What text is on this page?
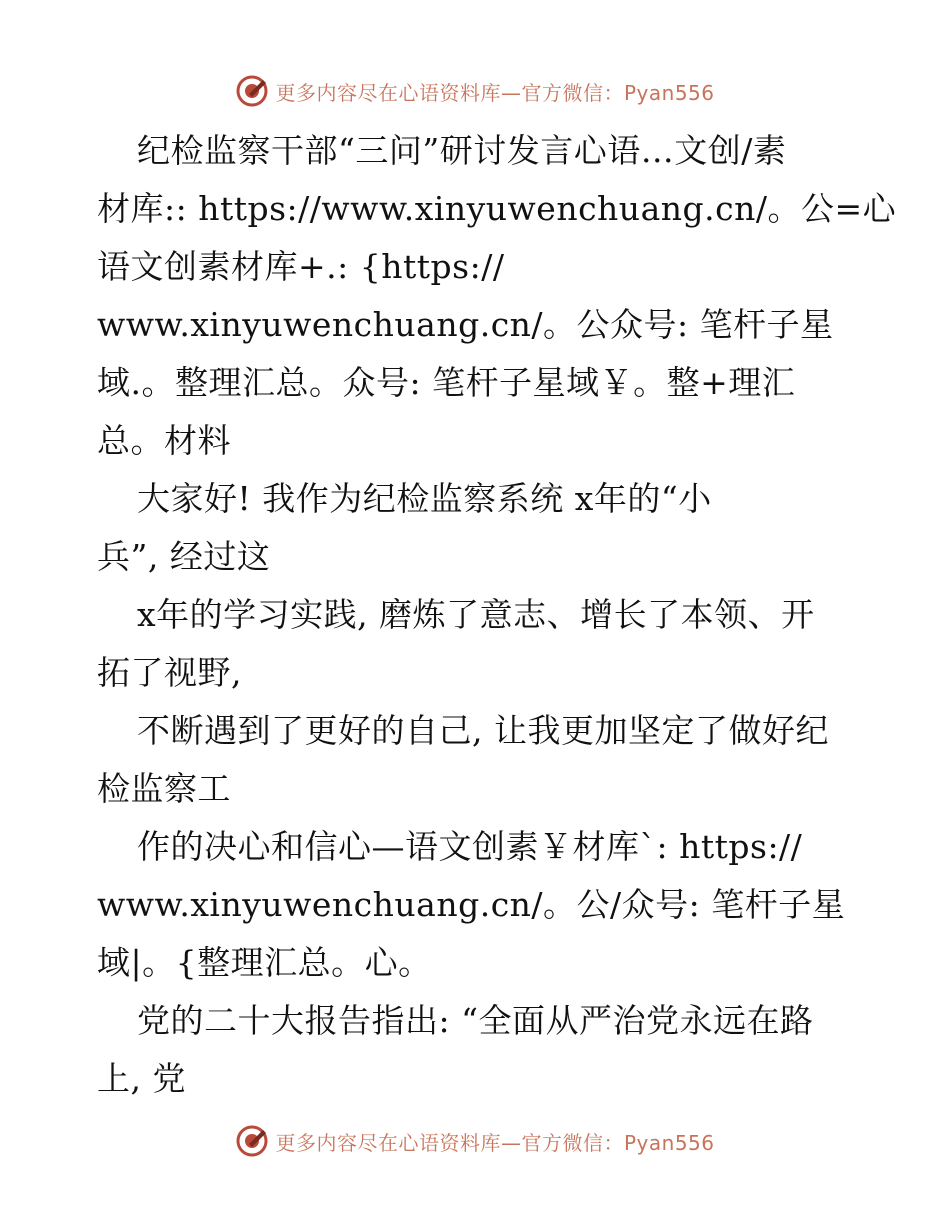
更多内容尽在心语资料库—官方微信：Pyan556
纪检监察干部“三问”研讨发言心语…文创/素
材库:: https://www.xinyuwenchuang.cn/。公=心
语文创素材库+.: {https://
www.xinyuwenchuang.cn/。公众号: 笔杆子星
域.。整理汇总。众号: 笔杆子星域￥。整+理汇
总。材料
大家好! 我作为纪检监察系统 x年的“小
兵”, 经过这
x年的学习实践, 磨炼了意志、增长了本领、开
拓了视野,
不断遇到了更好的自己, 让我更加坚定了做好纪
检监察工
作的决心和信心—语文创素￥材库`: https://
www.xinyuwenchuang.cn/。公/众号: 笔杆子星
域|。{整理汇总。心。
党的二十大报告指出: “全面从严治党永远在路
上, 党
更多内容尽在心语资料库—官方微信：Pyan556
